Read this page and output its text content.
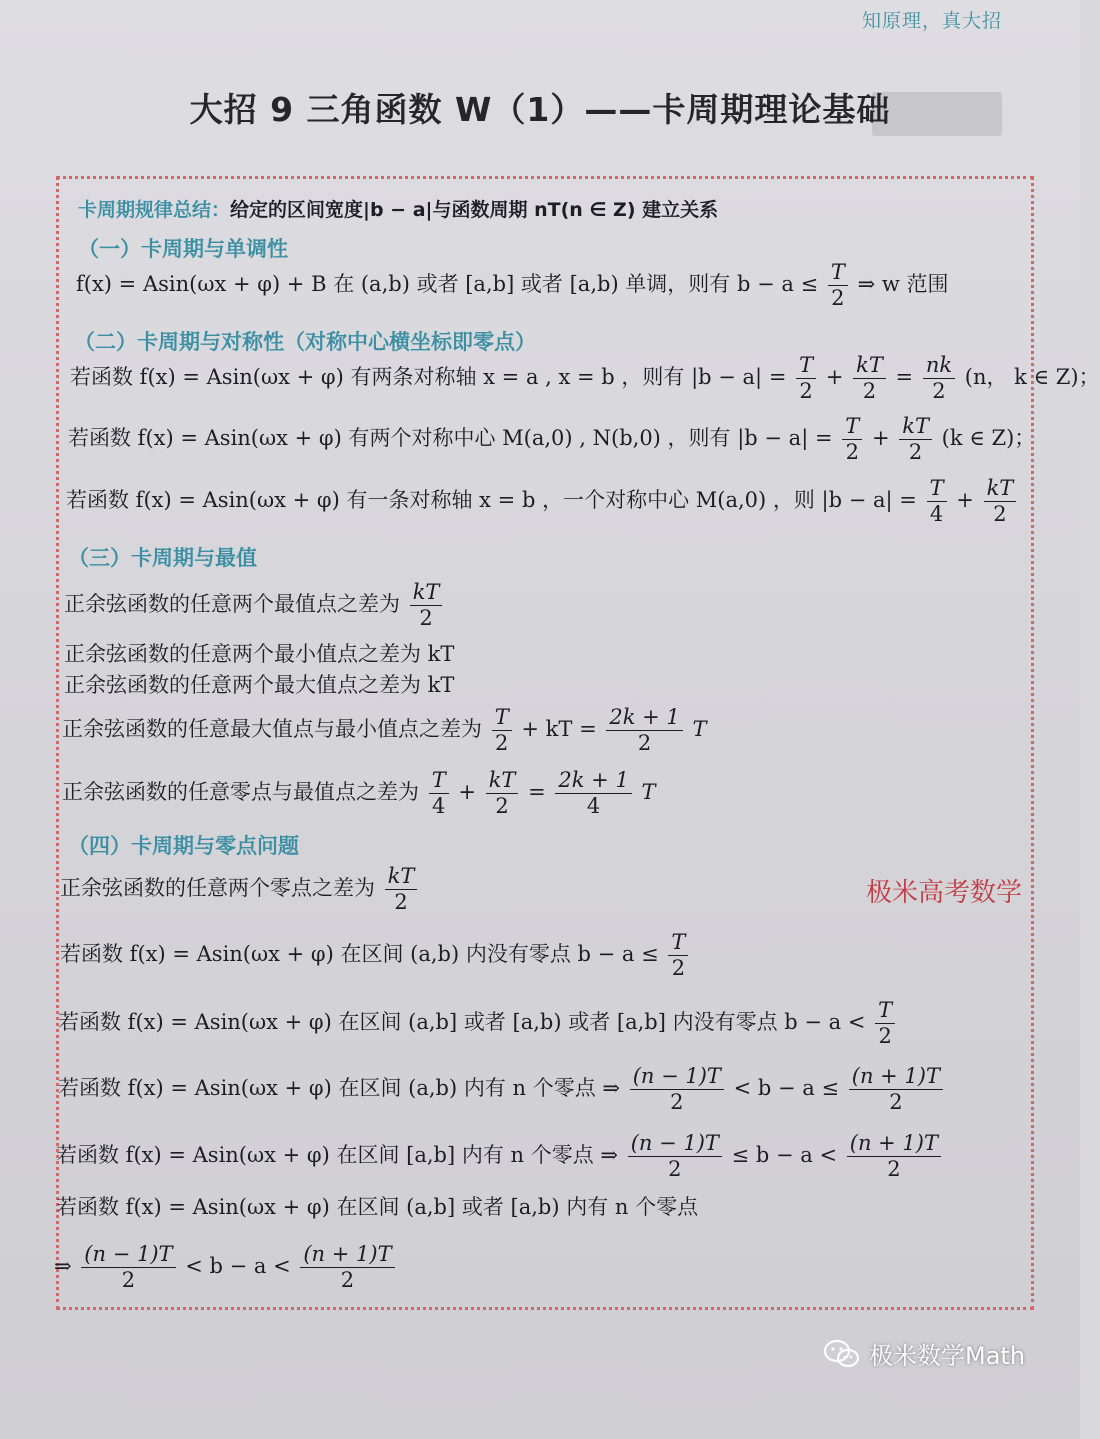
知原理，真大招
大招 9 三角函数 W（1）——卡周期理论基础
卡周期规律总结：给定的区间宽度|b − a|与函数周期 nT(n ∈ Z) 建立关系
（一）卡周期与单调性
f(x) = Asin(ωx + φ) + B 在 (a,b) 或者 [a,b] 或者 [a,b) 单调，则有 $b - a \le \frac{T}{2}$ ⇒ w 范围
（二）卡周期与对称性（对称中心横坐标即零点）
若函数 f(x) = Asin(ωx + φ) 有两条对称轴 x = a , x = b ，则有 $|b - a| = \frac{T}{2} + \frac{kT}{2} = \frac{nk}{2} (n$， k ∈ Z)；
若函数 f(x) = Asin(ωx + φ) 有两个对称中心 M(a,0) , N(b,0) ，则有 $|b - a| = \frac{T}{2} + \frac{kT}{2} (k$ ∈ Z)；
若函数 f(x) = Asin(ωx + φ) 有一条对称轴 x = b ，一个对称中心 M(a,0) ，则 $|b - a| = \frac{T}{4} + \frac{kT}{2}$
（三）卡周期与最值
正余弦函数的任意两个最值点之差为 $\frac{kT}{2}$
正余弦函数的任意两个最小值点之差为 kT
正余弦函数的任意两个最大值点之差为 kT
正余弦函数的任意最大值点与最小值点之差为 $\frac{T}{2}$ + kT = $\frac{2k + 1}{2}$ T
正余弦函数的任意零点与最值点之差为 $\frac{T}{4} + \frac{kT}{2} = \frac{2k + 1}{4}$ T
（四）卡周期与零点问题
正余弦函数的任意两个零点之差为 $\frac{kT}{2}$
若函数 f(x) = Asin(ωx + φ) 在区间 (a,b) 内没有零点 $b - a \le \frac{T}{2}$
若函数 f(x) = Asin(ωx + φ) 在区间 (a,b] 或者 [a,b) 或者 [a,b] 内没有零点 $b - a < \frac{T}{2}$
若函数 f(x) = Asin(ωx + φ) 在区间 (a,b) 内有 n 个零点 ⇒ $\frac{(n - 1)T}{2} < b - a \le \frac{(n + 1)T}{2}$
若函数 f(x) = Asin(ωx + φ) 在区间 [a,b] 内有 n 个零点 ⇒ $\frac{(n - 1)T}{2} \le b - a < \frac{(n + 1)T}{2}$
若函数 f(x) = Asin(ωx + φ) 在区间 (a,b] 或者 [a,b) 内有 n 个零点
⇒ $\frac{(n - 1)T}{2} < b - a < \frac{(n + 1)T}{2}$
极米高考数学
极米数学Math
